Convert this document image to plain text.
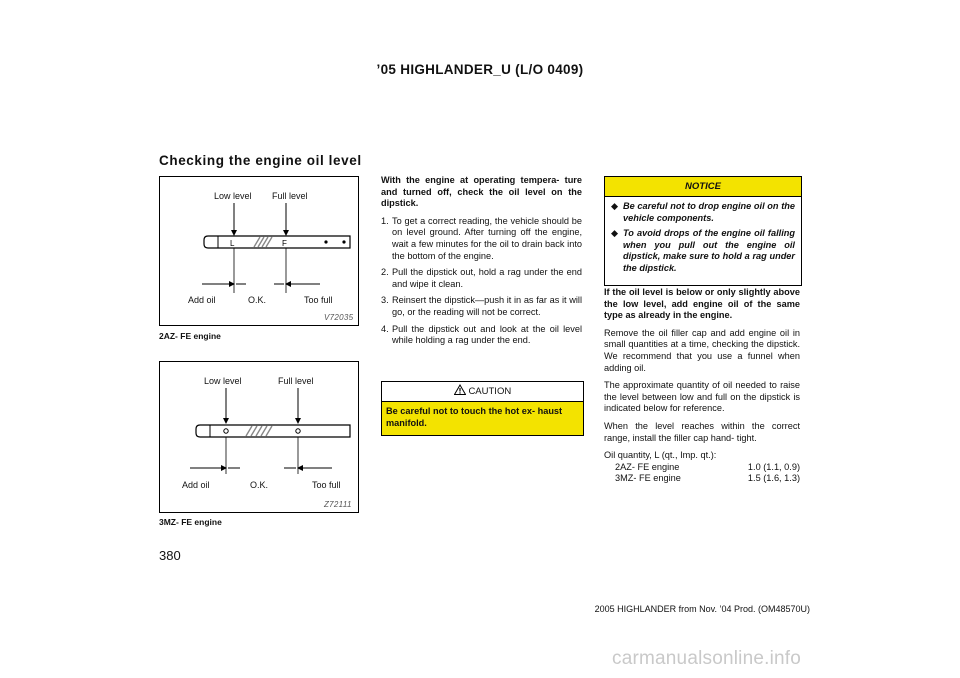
’05 HIGHLANDER_U (L/O 0409)
Checking the engine oil level
Low level Full level
L	F
Add oil	O.K.	Too full
V72035
2AZ- FE engine
Low level	Full level
Add oil	O.K.	Too full
Z72111
3MZ- FE engine

With the engine at operating tempera- ture and turned off, check the oil level on the dipstick.

1. To get a correct reading, the vehicle should be on level ground. After turning off the engine, wait a few minutes for the oil to drain back into the bottom of the engine.
2. Pull the dipstick out, hold a rag under the end and wipe it clean.
3. Reinsert the dipstick—push it in as far as it will go, or the reading will not be correct.
4. Pull the dipstick out and look at the oil level while holding a rag under the end.
CAUTION
Be careful not to touch the hot ex- haust manifold.
NOTICE
◆ Be careful not to drop engine oil on the vehicle components.
◆ To avoid drops of the engine oil falling when you pull out the engine oil dipstick, make sure to hold a rag under the dipstick.

If the oil level is below or only slightly above the low level, add engine oil of the same type as already in the engine.

Remove the oil filler cap and add engine oil in small quantities at a time, checking the dipstick. We recommend that you use a funnel when adding oil.

The approximate quantity of oil needed to raise the level between low and full on the dipstick is indicated below for reference.

When the level reaches within the correct range, install the filler cap hand- tight.

Oil quantity, L (qt., Imp. qt.):
2AZ- FE engine	1.0 (1.1, 0.9)
3MZ- FE engine	1.5 (1.6, 1.3)
380
2005 HIGHLANDER from Nov. ’04 Prod. (OM48570U)
carmanualsonline.info
